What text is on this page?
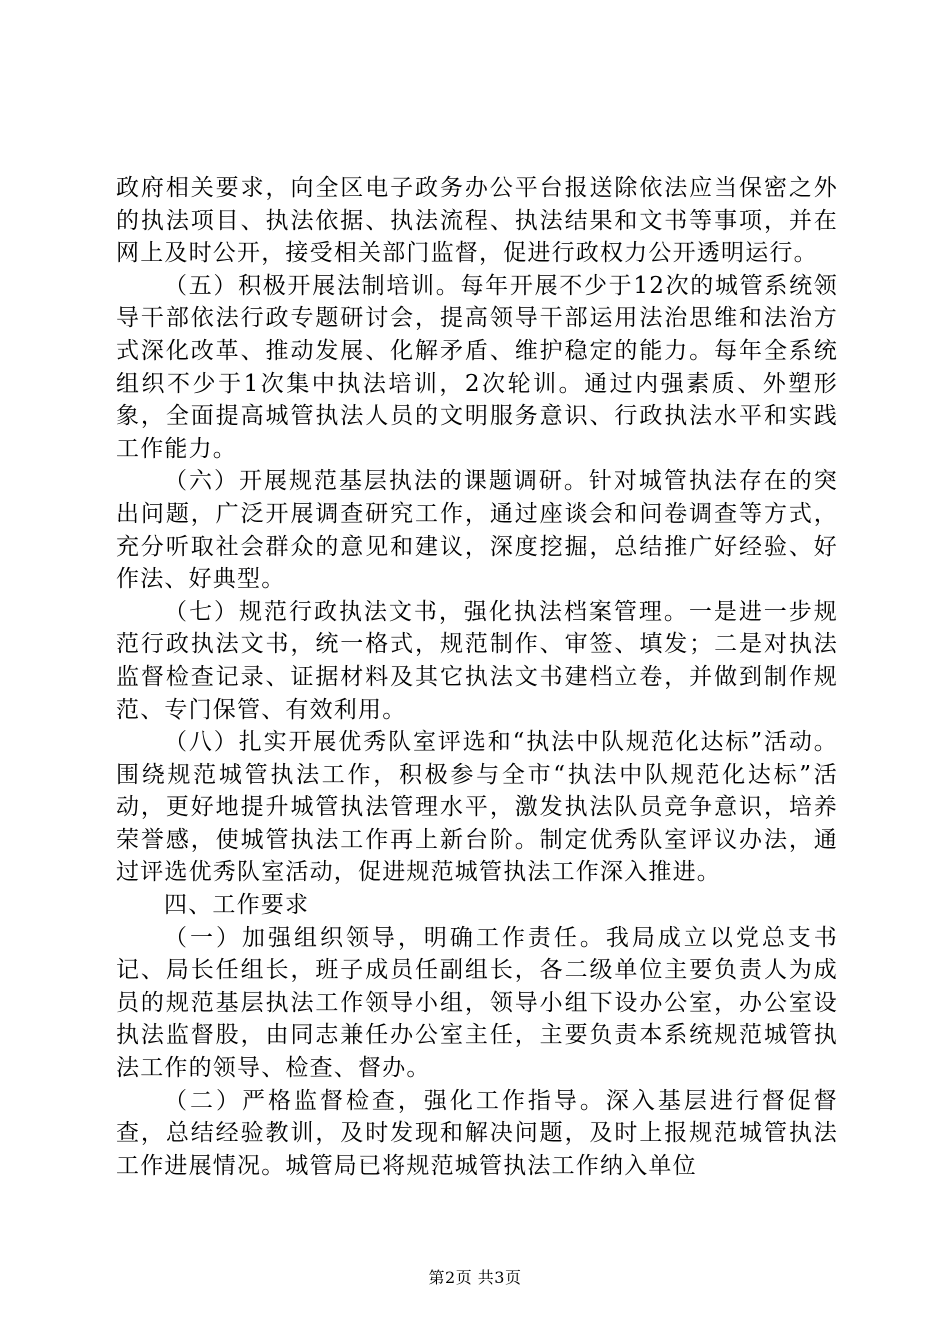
政府相关要求，向全区电子政务办公平台报送除依法应当保密之外的执法项目、执法依据、执法流程、执法结果和文书等事项，并在网上及时公开，接受相关部门监督，促进行政权力公开透明运行。

（五）积极开展法制培训。每年开展不少于12次的城管系统领导干部依法行政专题研讨会，提高领导干部运用法治思维和法治方式深化改革、推动发展、化解矛盾、维护稳定的能力。每年全系统组织不少于1次集中执法培训，2次轮训。通过内强素质、外塑形象，全面提高城管执法人员的文明服务意识、行政执法水平和实践工作能力。

（六）开展规范基层执法的课题调研。针对城管执法存在的突出问题，广泛开展调查研究工作，通过座谈会和问卷调查等方式，充分听取社会群众的意见和建议，深度挖掘，总结推广好经验、好作法、好典型。

（七）规范行政执法文书，强化执法档案管理。一是进一步规范行政执法文书，统一格式，规范制作、审签、填发；二是对执法监督检查记录、证据材料及其它执法文书建档立卷，并做到制作规范、专门保管、有效利用。

（八）扎实开展优秀队室评选和“执法中队规范化达标”活动。围绕规范城管执法工作，积极参与全市“执法中队规范化达标”活动，更好地提升城管执法管理水平，激发执法队员竞争意识，培养荣誉感，使城管执法工作再上新台阶。制定优秀队室评议办法，通过评选优秀队室活动，促进规范城管执法工作深入推进。

四、工作要求

（一）加强组织领导，明确工作责任。我局成立以党总支书记、局长任组长，班子成员任副组长，各二级单位主要负责人为成员的规范基层执法工作领导小组，领导小组下设办公室，办公室设执法监督股，由同志兼任办公室主任，主要负责本系统规范城管执法工作的领导、检查、督办。

（二）严格监督检查，强化工作指导。深入基层进行督促督查，总结经验教训，及时发现和解决问题，及时上报规范城管执法工作进展情况。城管局已将规范城管执法工作纳入单位

第2页 共3页
